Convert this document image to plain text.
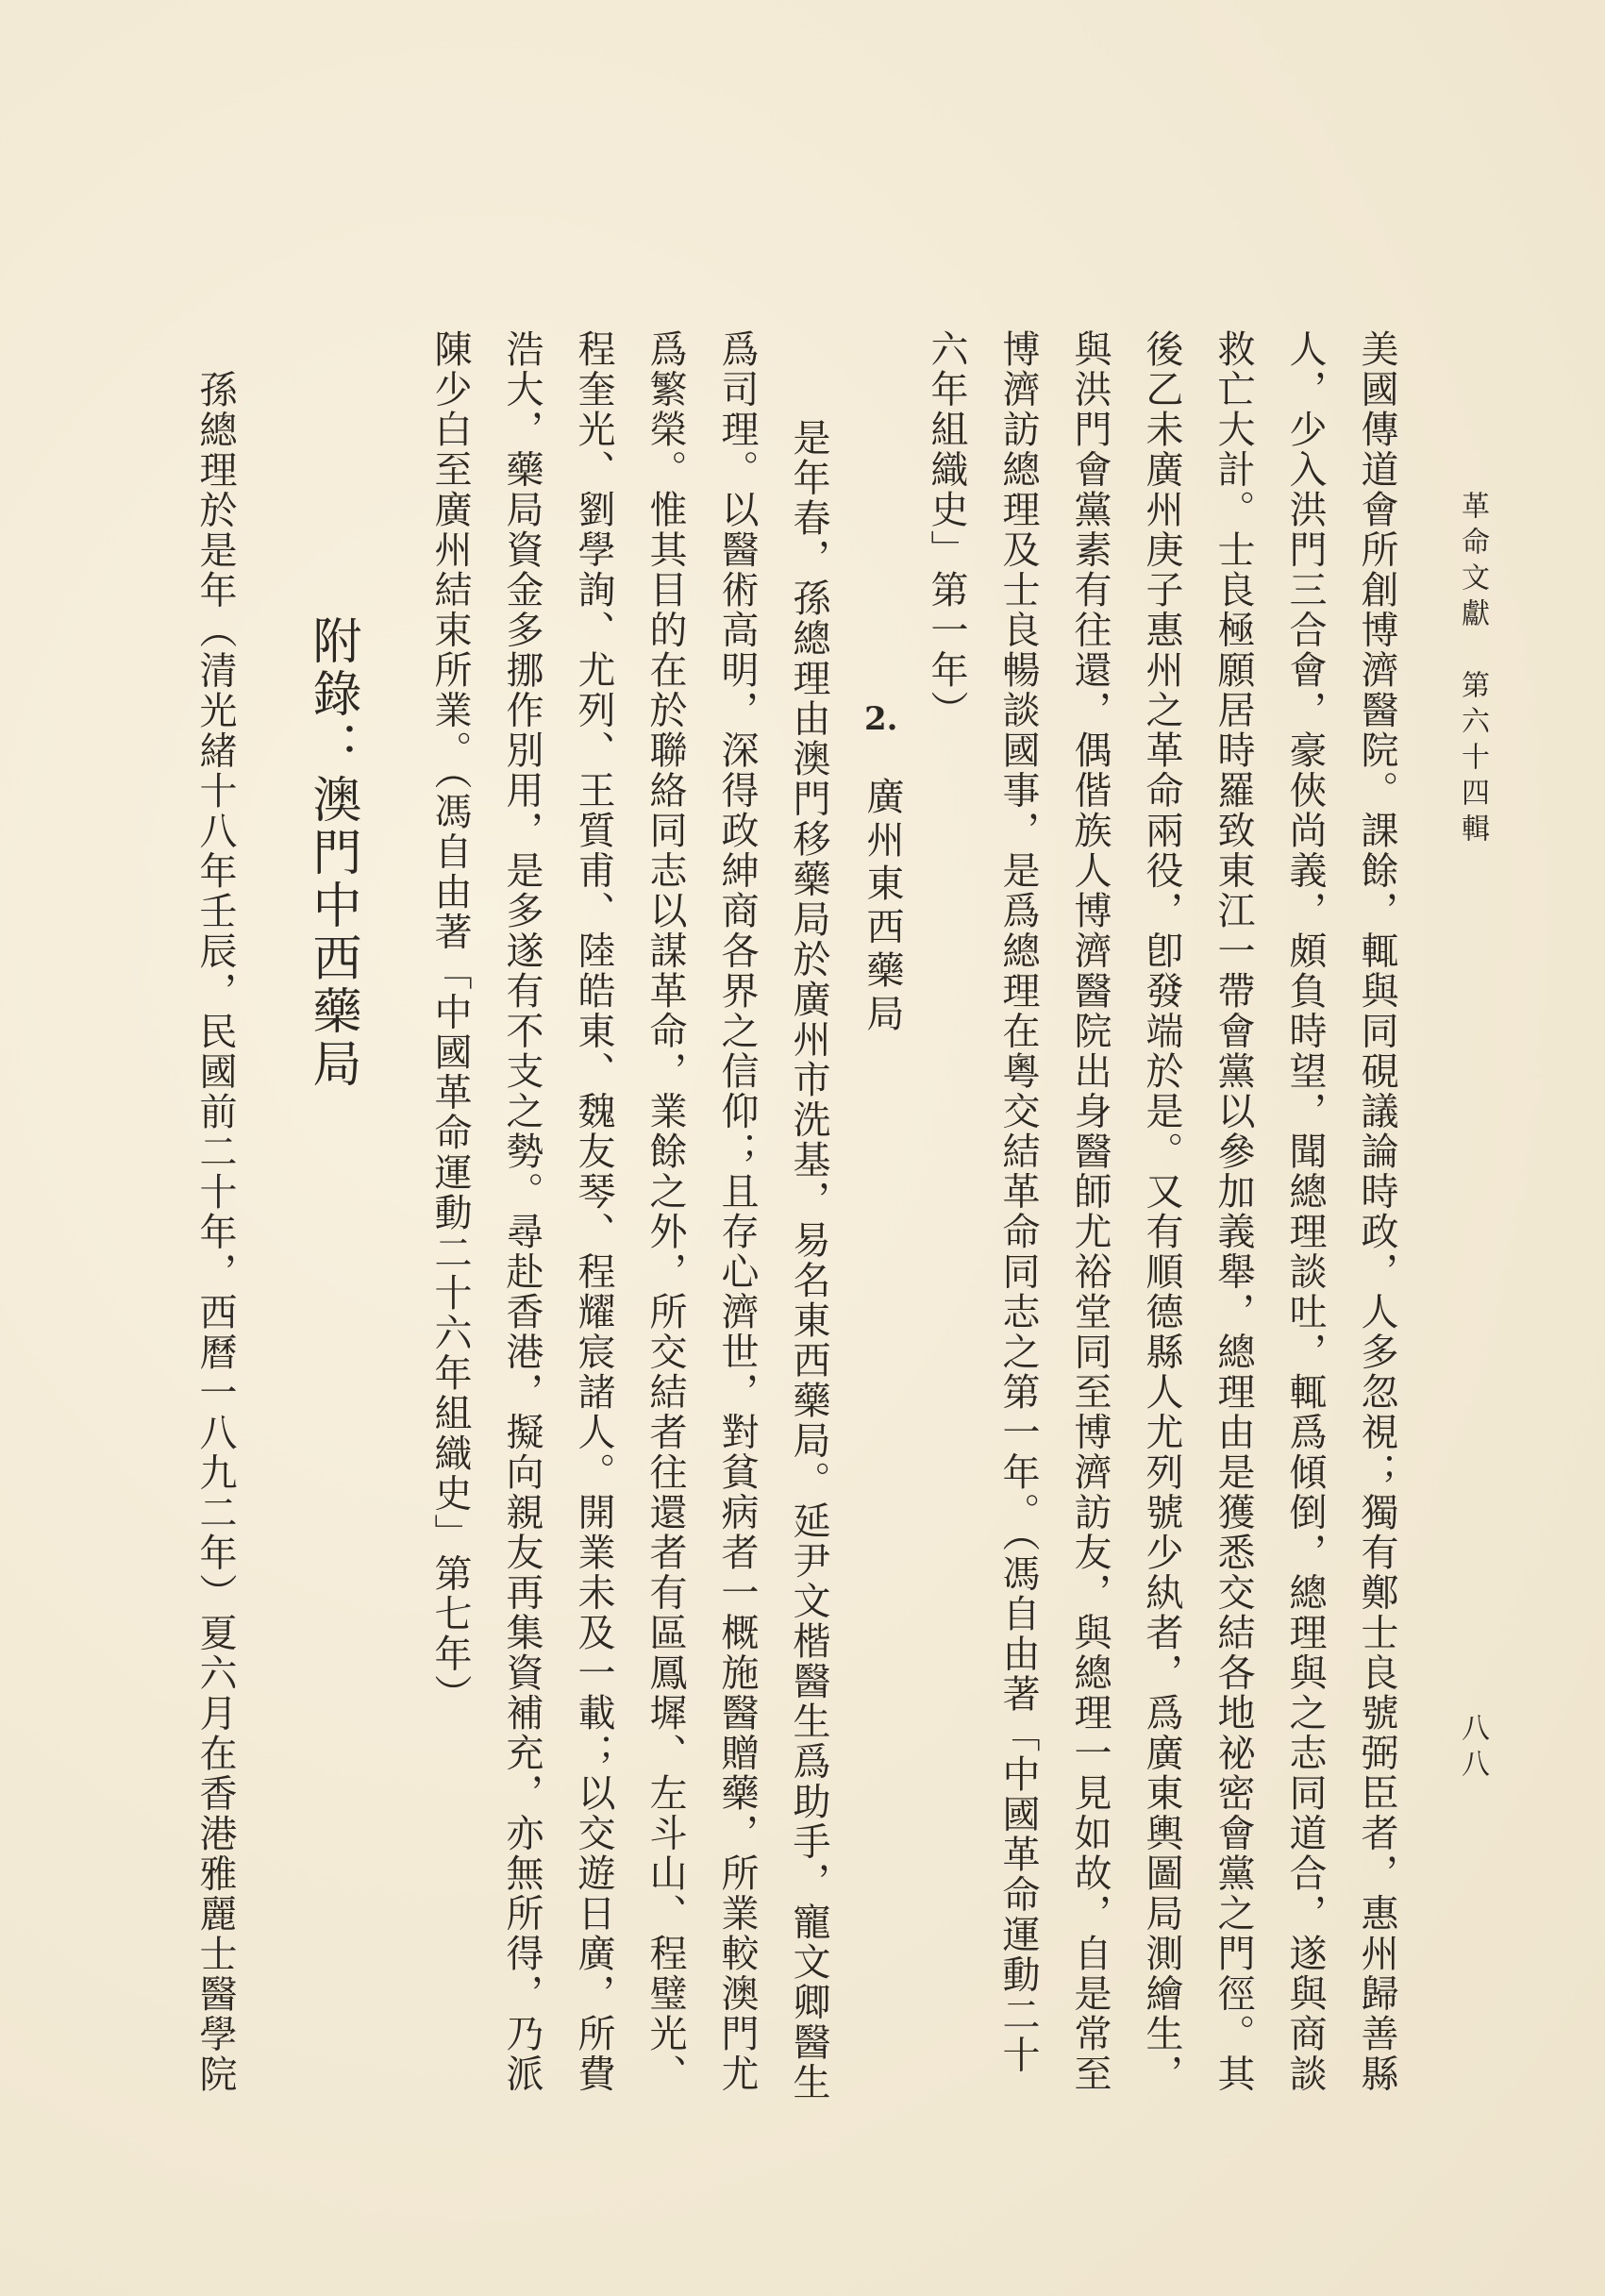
革命文獻　第六十四輯
八八
美國傳道會所創博濟醫院。課餘，輒與同硯議論時政，人多忽視；獨有鄭士良號弼臣者，惠州歸善縣
人，少入洪門三合會，豪俠尚義，頗負時望，聞總理談吐，輒爲傾倒，總理與之志同道合，遂與商談
救亡大計。士良極願居時羅致東江一帶會黨以參加義舉，總理由是獲悉交結各地祕密會黨之門徑。其
後乙未廣州庚子惠州之革命兩役，卽發端於是。又有順德縣人尤列號少紈者，爲廣東輿圖局測繪生，
與洪門會黨素有往還，偶偕族人博濟醫院出身醫師尤裕堂同至博濟訪友，與總理一見如故，自是常至
博濟訪總理及士良暢談國事，是爲總理在粵交結革命同志之第一年。（馮自由著「中國革命運動二十
六年組織史」第一年）
2.
廣州東西藥局
是年春，孫總理由澳門移藥局於廣州市洗基，易名東西藥局。延尹文楷醫生爲助手，寵文卿醫生
爲司理。以醫術高明，深得政紳商各界之信仰；且存心濟世，對貧病者一概施醫贈藥，所業較澳門尤
爲繁榮。惟其目的在於聯絡同志以謀革命，業餘之外，所交結者往還者有區鳳墀、左斗山、程璧光、
程奎光、劉學詢、尤列、王質甫、陸皓東、魏友琴、程耀宸諸人。開業未及一載；以交遊日廣，所費
浩大，藥局資金多挪作別用，是多遂有不支之勢。尋赴香港，擬向親友再集資補充，亦無所得，乃派
陳少白至廣州結束所業。（馮自由著「中國革命運動二十六年組織史」第七年）
附錄：澳門中西藥局
孫總理於是年（清光緒十八年壬辰，民國前二十年，西曆一八九二年）夏六月在香港雅麗士醫學院
